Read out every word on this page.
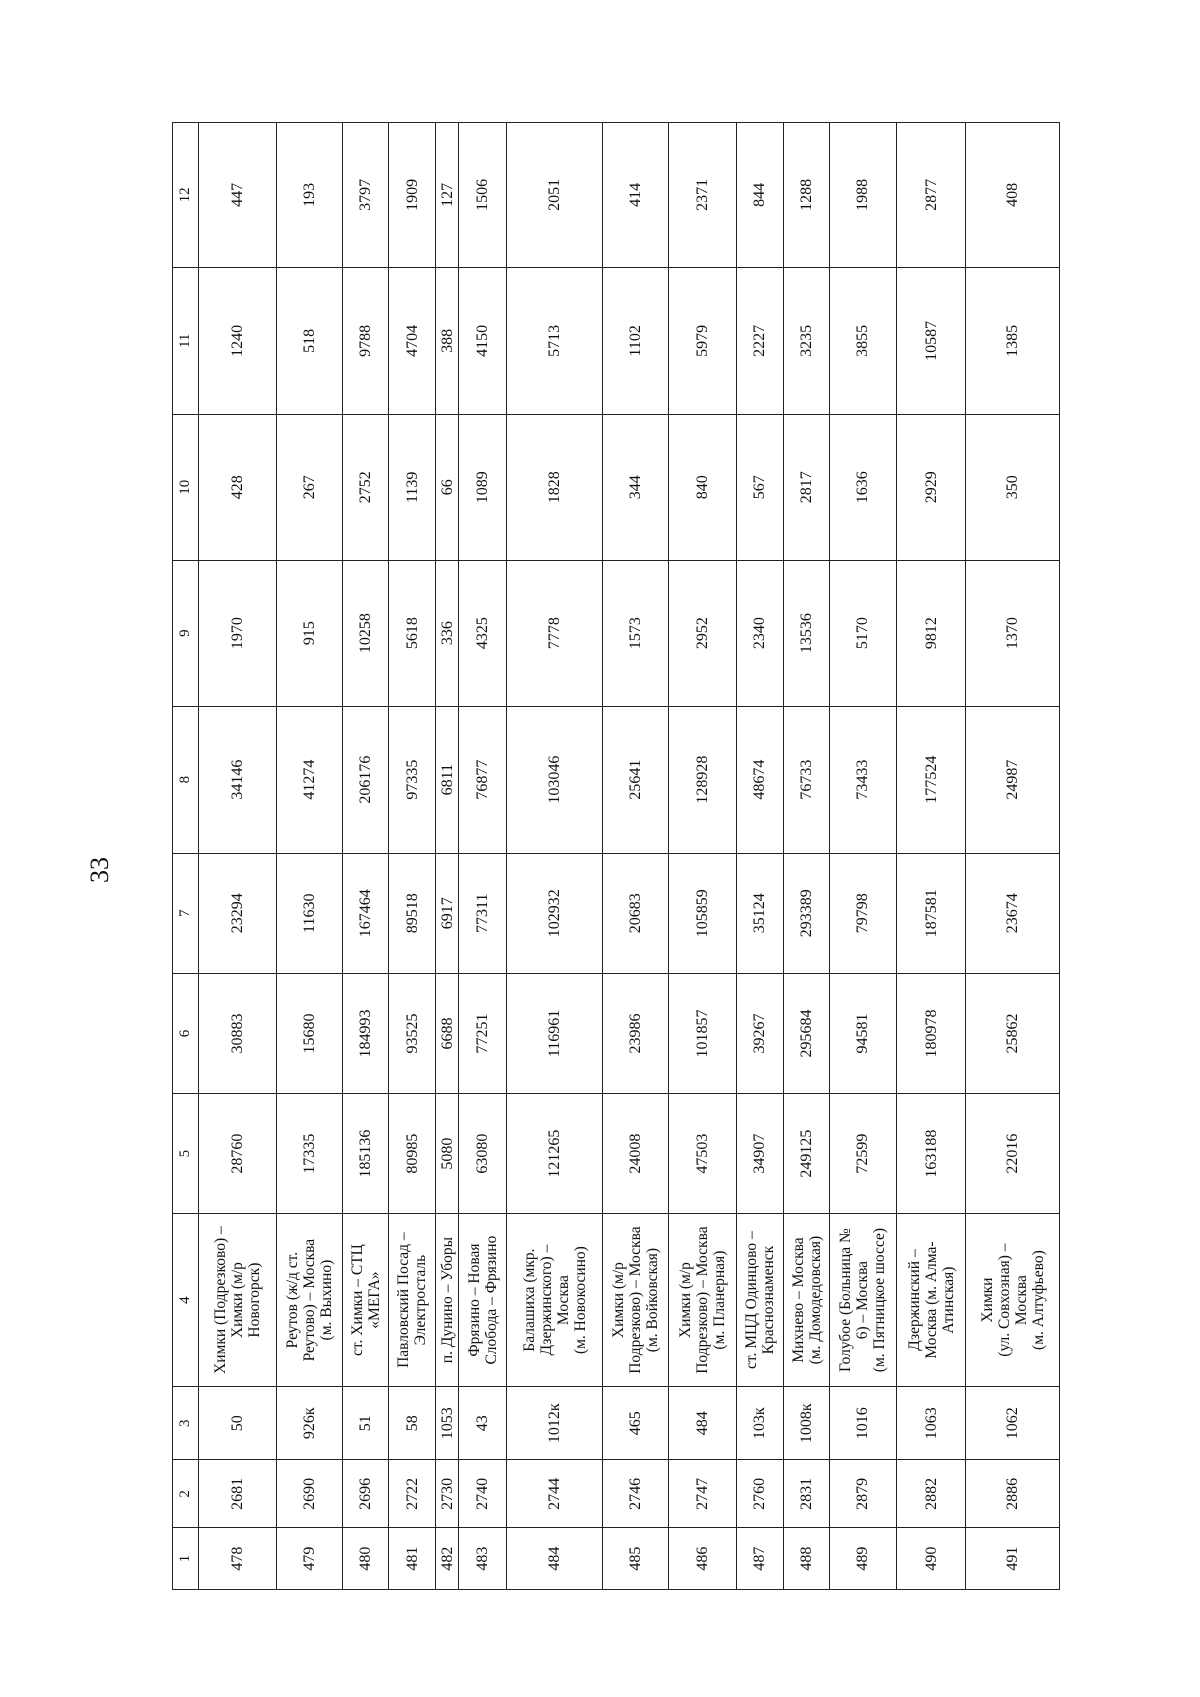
33
1	2	3	4	5	6	7	8	9	10	11	12
478	2681	50	Химки (Подрезково) –
Химки (м/р
Новогорск)	28760	30883	23294	34146	1970	428	1240	447
479	2690	926к	Реутов (ж/д ст.
Реутово) – Москва
(м. Выхино)	17335	15680	11630	41274	915	267	518	193
480	2696	51	ст. Химки – СТЦ
«МЕГА»	185136	184993	167464	206176	10258	2752	9788	3797
481	2722	58	Павловский Посад –
Электросталь	80985	93525	89518	97335	5618	1139	4704	1909
482	2730	1053	п. Дунино – Уборы	5080	6688	6917	6811	336	66	388	127
483	2740	43	Фрязино – Новая
Слобода – Фрязино	63080	77251	77311	76877	4325	1089	4150	1506
484	2744	1012к	Балашиха (мкр.
Дзержинского) –
Москва
(м. Новокосино)	121265	116961	102932	103046	7778	1828	5713	2051
485	2746	465	Химки (м/р
Подрезково) – Москва
(м. Войковская)	24008	23986	20683	25641	1573	344	1102	414
486	2747	484	Химки (м/р
Подрезково) – Москва
(м. Планерная)	47503	101857	105859	128928	2952	840	5979	2371
487	2760	103к	ст. МЦД Одинцово –
Краснознаменск	34907	39267	35124	48674	2340	567	2227	844
488	2831	1008к	Михнево – Москва
(м. Домодедовская)	249125	295684	293389	76733	13536	2817	3235	1288
489	2879	1016	Голубое (Больница №
6) – Москва
(м. Пятницкое шоссе)	72599	94581	79798	73433	5170	1636	3855	1988
490	2882	1063	Дзержинский –
Москва (м. Алма-
Атинская)	163188	180978	187581	177524	9812	2929	10587	2877
491	2886	1062	Химки
(ул. Совхозная) –
Москва
(м. Алтуфьево)	22016	25862	23674	24987	1370	350	1385	408
